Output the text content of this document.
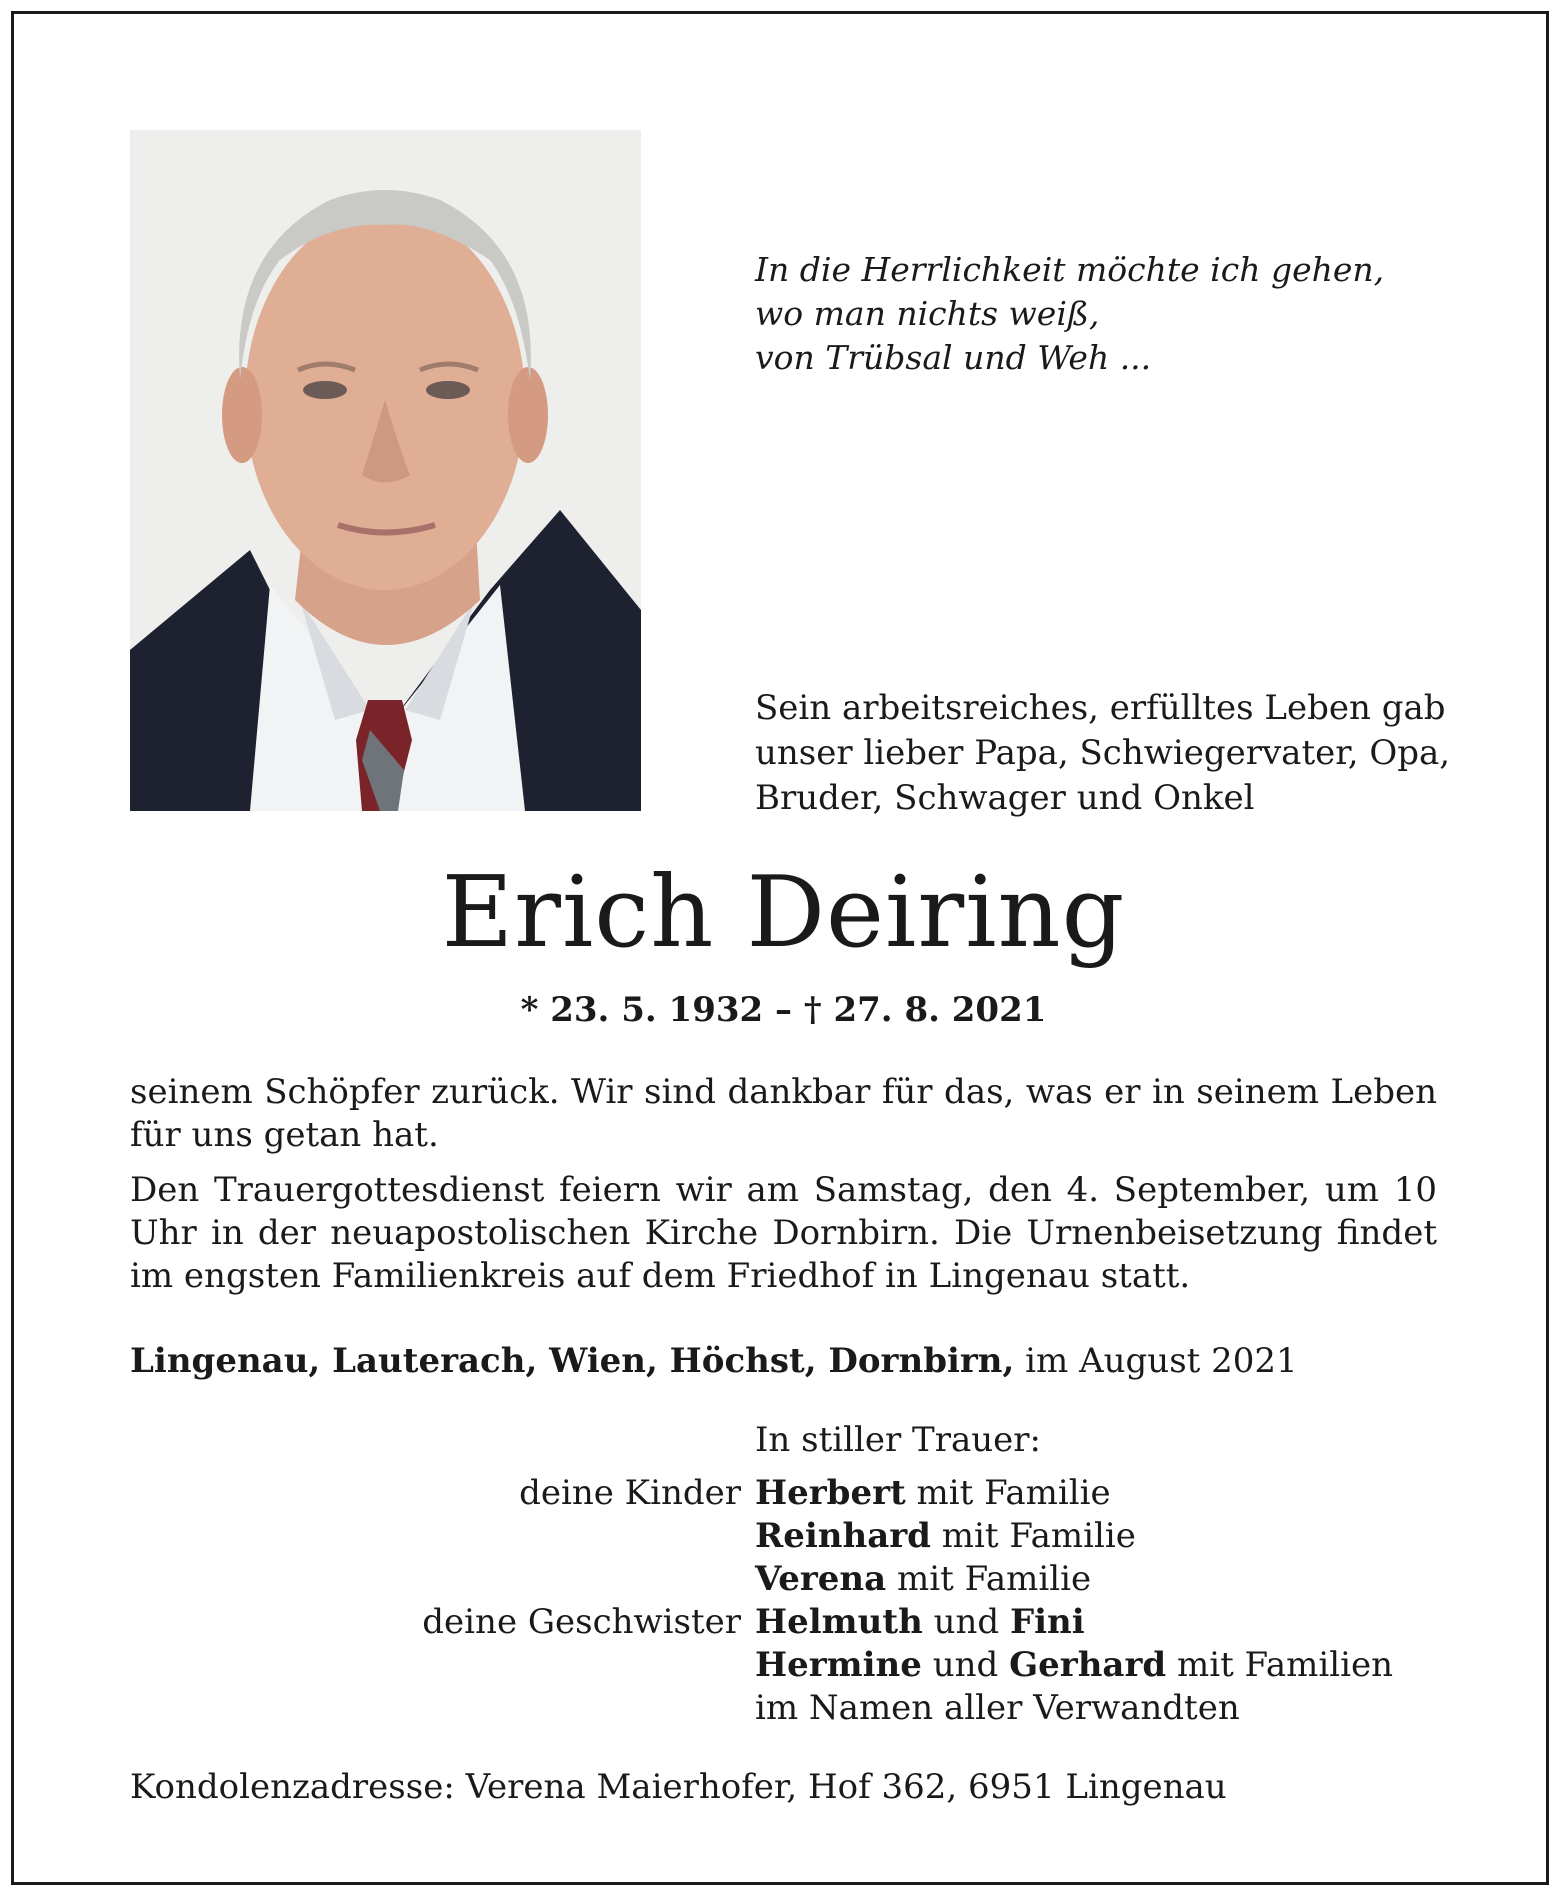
In die Herrlichkeit möchte ich gehen,
wo man nichts weiß,
von Trübsal und Weh ...
Sein arbeitsreiches, erfülltes Leben gab
unser lieber Papa, Schwiegervater, Opa,
Bruder, Schwager und Onkel
Erich Deiring
* 23. 5. 1932 – † 27. 8. 2021
seinem Schöpfer zurück. Wir sind dankbar für das, was er in seinem Leben für uns getan hat.
Den Trauergottesdienst feiern wir am Samstag, den 4. September, um 10 Uhr in der neuapostolischen Kirche Dornbirn. Die Urnenbeisetzung findet im engsten Familienkreis auf dem Friedhof in Lingenau statt.
Lingenau, Lauterach, Wien, Höchst, Dornbirn, im August 2021
In stiller Trauer:
deine Kinder Herbert mit Familie
Reinhard mit Familie
Verena mit Familie
deine Geschwister Helmuth und Fini
Hermine und Gerhard mit Familien
im Namen aller Verwandten
Kondolenzadresse: Verena Maierhofer, Hof 362, 6951 Lingenau
